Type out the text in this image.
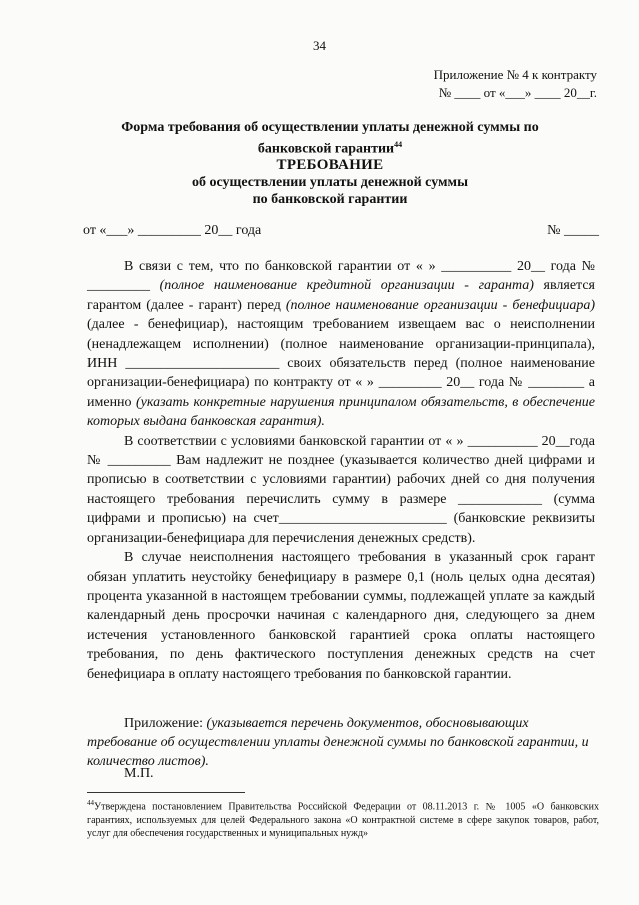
34
Приложение № 4 к контракту
№ ____ от «___» ____ 20__г.
Форма требования об осуществлении уплаты денежной суммы по банковской гарантии$^{44}$
ТРЕБОВАНИЕ
об осуществлении уплаты денежной суммы
по банковской гарантии
от «___» _________ 20__ года	№ _____

В связи с тем, что по банковской гарантии от « » __________ 20__ года № _________ (полное наименование кредитной организации - гаранта) является гарантом (далее - гарант) перед (полное наименование организации - бенефициара) (далее - бенефициар), настоящим требованием извещаем вас о неисполнении (ненадлежащем исполнении) (полное наименование организации-принципала), ИНН ______________________ своих обязательств перед (полное наименование организации-бенефициара) по контракту от « » _________ 20__ года № ________ а именно (указать конкретные нарушения принципалом обязательств, в обеспечение которых выдана банковская гарантия).

В соответствии с условиями банковской гарантии от « » __________ 20__года № _________ Вам надлежит не позднее (указывается количество дней цифрами и прописью в соответствии с условиями гарантии) рабочих дней со дня получения настоящего требования перечислить сумму в размере ____________ (сумма цифрами и прописью) на счет________________________ (банковские реквизиты организации-бенефициара для перечисления денежных средств).

В случае неисполнения настоящего требования в указанный срок гарант обязан уплатить неустойку бенефициару в размере 0,1 (ноль целых одна десятая) процента указанной в настоящем требовании суммы, подлежащей уплате за каждый календарный день просрочки начиная с календарного дня, следующего за днем истечения установленного банковской гарантией срока оплаты настоящего требования, по день фактического поступления денежных средств на счет бенефициара в оплату настоящего требования по банковской гарантии.

Приложение: (указывается перечень документов, обосновывающих требование об осуществлении уплаты денежной суммы по банковской гарантии, и количество листов).

М.П.
$^{44}$Утверждена постановлением Правительства Российской Федерации от 08.11.2013 г. № 1005 «О банковских гарантиях, используемых для целей Федерального закона «О контрактной системе в сфере закупок товаров, работ, услуг для обеспечения государственных и муниципальных нужд»
